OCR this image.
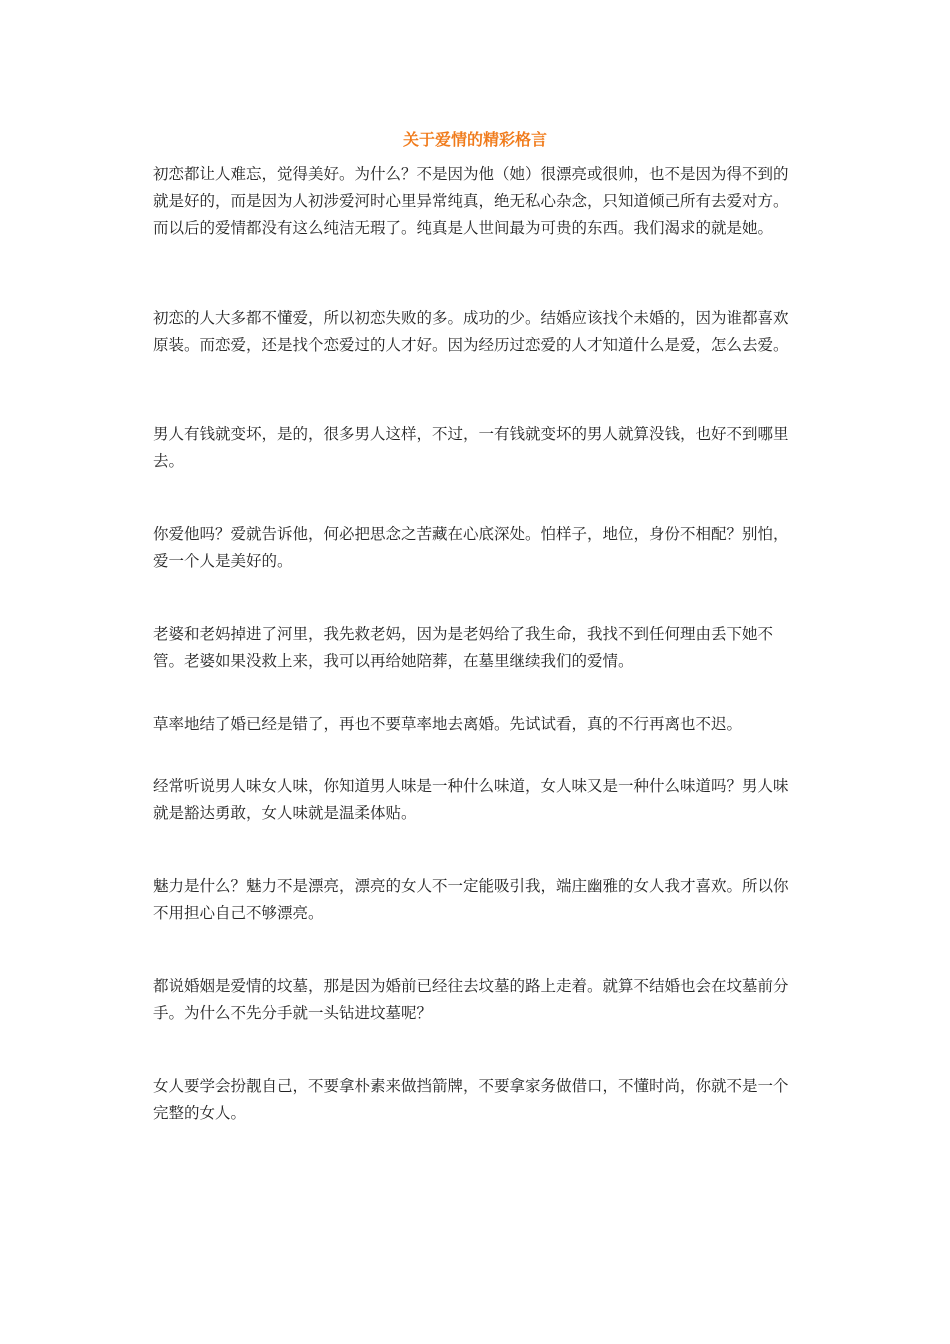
关于爱情的精彩格言

初恋都让人难忘，觉得美好。为什么？不是因为他（她）很漂亮或很帅，也不是因为得不到的就是好的，而是因为人初涉爱河时心里异常纯真，绝无私心杂念，只知道倾己所有去爱对方。而以后的爱情都没有这么纯洁无瑕了。纯真是人世间最为可贵的东西。我们渴求的就是她。

初恋的人大多都不懂爱，所以初恋失败的多。成功的少。结婚应该找个未婚的，因为谁都喜欢原装。而恋爱，还是找个恋爱过的人才好。因为经历过恋爱的人才知道什么是爱，怎么去爱。

男人有钱就变坏，是的，很多男人这样，不过，一有钱就变坏的男人就算没钱，也好不到哪里去。

你爱他吗？爱就告诉他，何必把思念之苦藏在心底深处。怕样子，地位，身份不相配？别怕，爱一个人是美好的。

老婆和老妈掉进了河里，我先救老妈，因为是老妈给了我生命，我找不到任何理由丢下她不管。老婆如果没救上来，我可以再给她陪葬，在墓里继续我们的爱情。

草率地结了婚已经是错了，再也不要草率地去离婚。先试试看，真的不行再离也不迟。

经常听说男人味女人味，你知道男人味是一种什么味道，女人味又是一种什么味道吗？男人味就是豁达勇敢，女人味就是温柔体贴。

魅力是什么？魅力不是漂亮，漂亮的女人不一定能吸引我，端庄幽雅的女人我才喜欢。所以你不用担心自己不够漂亮。

都说婚姻是爱情的坟墓，那是因为婚前已经往去坟墓的路上走着。就算不结婚也会在坟墓前分手。为什么不先分手就一头钻进坟墓呢？

女人要学会扮靓自己，不要拿朴素来做挡箭牌，不要拿家务做借口，不懂时尚，你就不是一个完整的女人。
